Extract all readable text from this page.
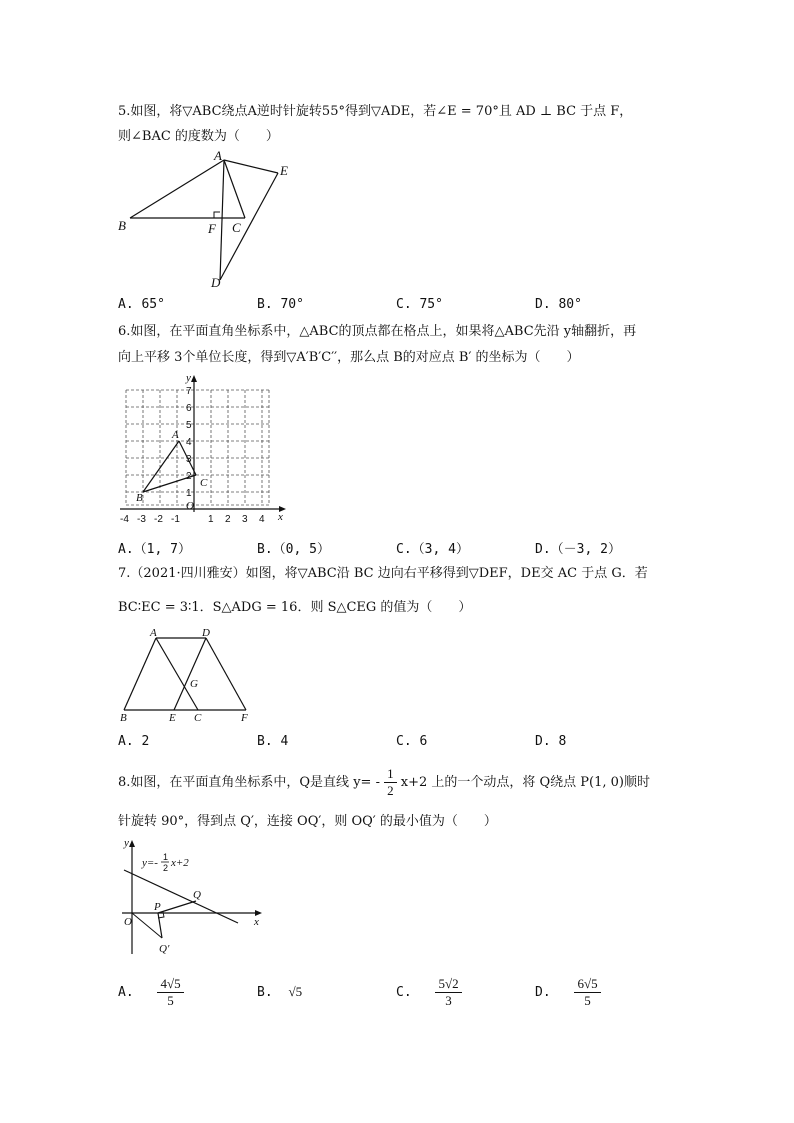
5.如图，将▽ABC绕点A逆时针旋转55°得到▽ADE，若∠E = 70°且 AD ⊥ BC 于点 F，
则∠BAC 的度数为（　　）
A
E
B	F C
D
A. 65°	B. 70°	C. 75°	D. 80°
6.如图，在平面直角坐标系中，△ABC的顶点都在格点上，如果将△ABC先沿 y轴翻折，再
向上平移 3个单位长度，得到▽A′B′C′′，那么点 B的对应点 B′ 的坐标为（　　）
y
x
A
B
C
O
7
6
5
4
3
2
1
-4 -3 -2 -1	1 2 3 4
A.（1, 7）	B.（0, 5）	C.（3, 4）	D.（－3, 2）
7.（2021·四川雅安）如图，将▽ABC沿 BC 边向右平移得到▽DEF，DE交 AC 于点 G．若
BC∶EC = 3∶1．S△ADG = 16．则 S△CEG 的值为（　　）
A	D
G
B	E C	F
A. 2	B. 4	C. 6	D. 8
8.如图，在平面直角坐标系中，Q是直线 $y= - \frac{1}{2} x+2$ 上的一个动点，将 Q绕点 P(1, 0)顺时
针旋转 90°，得到点 Q′，连接 OQ′，则 OQ′ 的最小值为（　　）
y
x
O
P
Q
Q′
y=- 1
2 x+2
A. $\frac{4√5}{5}$	B. √5	C. $\frac{5√2}{3}$	D. $\frac{6√5}{5}$
